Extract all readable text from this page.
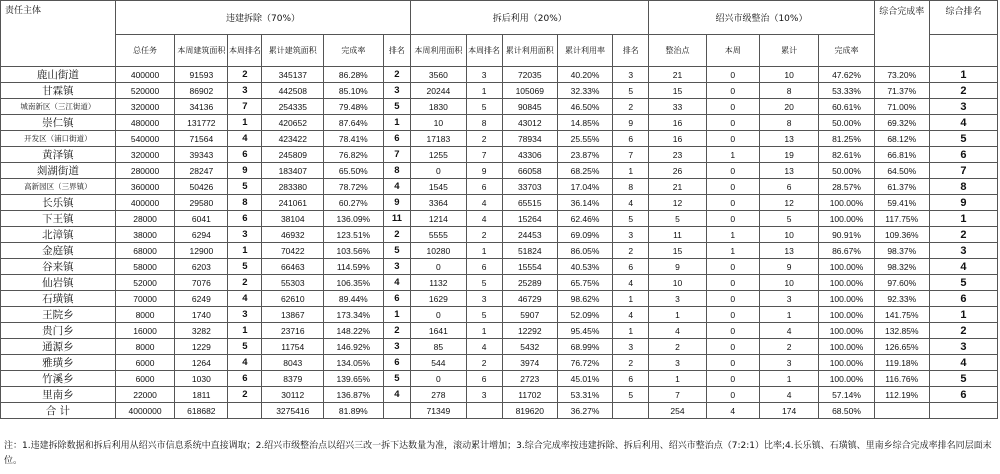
责任主体	违建拆除（70%）						拆后利用（20%）					绍兴市级整治（10%）				综合完成率	综合排名
	总任务	本周建筑面积	本周排名	累计建筑面积	完成率	排名	本周利用面积	本周排名	累计利用面积	累计利用率	排名	整治点	本周	累计	完成率		
鹿山街道	400000	91593	2	345137	86.28%	2	3560	3	72035	40.20%	3	21	0	10	47.62%	73.20%	1
甘霖镇	520000	86902	3	442508	85.10%	3	20244	1	105069	32.33%	5	15	0	8	53.33%	71.37%	2
城南新区（三江街道）	320000	34136	7	254335	79.48%	5	1830	5	90845	46.50%	2	33	0	20	60.61%	71.00%	3
崇仁镇	480000	131772	1	420652	87.64%	1	10	8	43012	14.85%	9	16	0	8	50.00%	69.32%	4
开发区（浦口街道）	540000	71564	4	423422	78.41%	6	17183	2	78934	25.55%	6	16	0	13	81.25%	68.12%	5
黄泽镇	320000	39343	6	245809	76.82%	7	1255	7	43306	23.87%	7	23	1	19	82.61%	66.81%	6
剡湖街道	280000	28247	9	183407	65.50%	8	0	9	66058	68.25%	1	26	0	13	50.00%	64.50%	7
高新园区（三界镇）	360000	50426	5	283380	78.72%	4	1545	6	33703	17.04%	8	21	0	6	28.57%	61.37%	8
长乐镇	400000	29580	8	241061	60.27%	9	3364	4	65515	36.14%	4	12	0	12	100.00%	59.41%	9
下王镇	28000	6041	6	38104	136.09%	11	1214	4	15264	62.46%	5	5	0	5	100.00%	117.75%	1
北漳镇	38000	6294	3	46932	123.51%	2	5555	2	24453	69.09%	3	11	1	10	90.91%	109.36%	2
金庭镇	68000	12900	1	70422	103.56%	5	10280	1	51824	86.05%	2	15	1	13	86.67%	98.37%	3
谷来镇	58000	6203	5	66463	114.59%	3	0	6	15554	40.53%	6	9	0	9	100.00%	98.32%	4
仙岩镇	52000	7076	2	55303	106.35%	4	1132	5	25289	65.75%	4	10	0	10	100.00%	97.60%	5
石璜镇	70000	6249	4	62610	89.44%	6	1629	3	46729	98.62%	1	3	0	3	100.00%	92.33%	6
王院乡	8000	1740	3	13867	173.34%	1	0	5	5907	52.09%	4	1	0	1	100.00%	141.75%	1
贵门乡	16000	3282	1	23716	148.22%	2	1641	1	12292	95.45%	1	4	0	4	100.00%	132.85%	2
通源乡	8000	1229	5	11754	146.92%	3	85	4	5432	68.99%	3	2	0	2	100.00%	126.65%	3
雅璜乡	6000	1264	4	8043	134.05%	6	544	2	3974	76.72%	2	3	0	3	100.00%	119.18%	4
竹溪乡	6000	1030	6	8379	139.65%	5	0	6	2723	45.01%	6	1	0	1	100.00%	116.76%	5
里南乡	22000	1811	2	30112	136.87%	4	278	3	11702	53.31%	5	7	0	4	57.14%	112.19%	6
合 计	4000000	618682		3275416	81.89%		71349		819620	36.27%		254	4	174	68.50%		
注：1.违建拆除数据和拆后利用从绍兴市信息系统中直接调取；2.绍兴市级整治点以绍兴三改一拆下达数量为准，滚动累计增加；3.综合完成率按违建拆除、拆后利用、绍兴市整治点（7:2:1）比率;4.长乐镇、石璜镇、里南乡综合完成率排名同层面末位。
